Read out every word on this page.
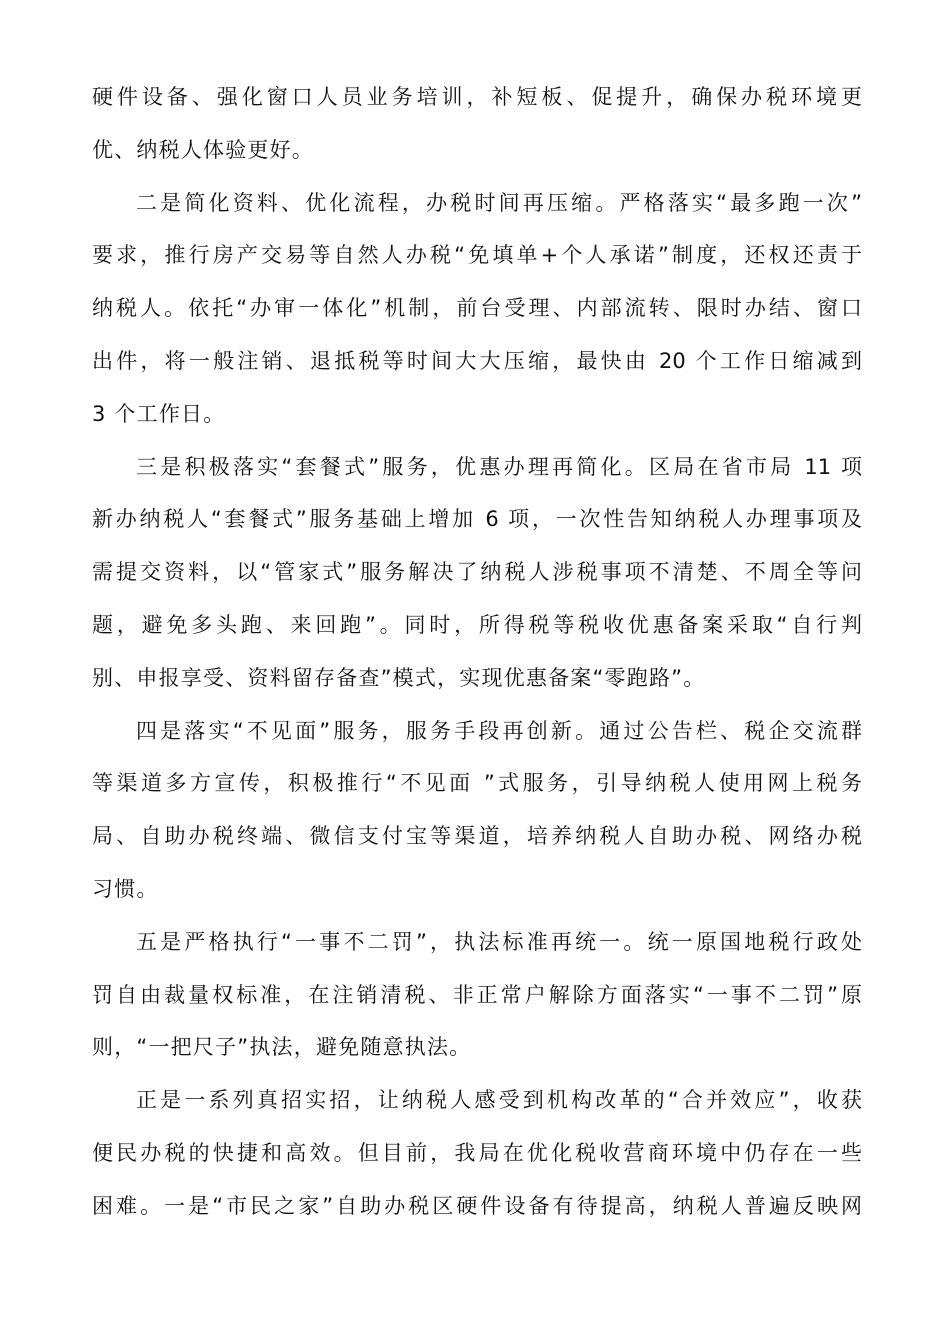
硬件设备、强化窗口人员业务培训，补短板、促提升，确保办税环境更
优、纳税人体验更好。
二是简化资料、优化流程，办税时间再压缩。严格落实“最多跑一次”
要求，推行房产交易等自然人办税“免填单+个人承诺”制度，还权还责于
纳税人。依托“办审一体化”机制，前台受理、内部流转、限时办结、窗口
出件，将一般注销、退抵税等时间大大压缩，最快由 20 个工作日缩减到
3 个工作日。
三是积极落实“套餐式”服务，优惠办理再简化。区局在省市局 11 项
新办纳税人“套餐式”服务基础上增加 6 项，一次性告知纳税人办理事项及
需提交资料，以“管家式”服务解决了纳税人涉税事项不清楚、不周全等问
题，避免多头跑、来回跑”。同时，所得税等税收优惠备案采取“自行判
别、申报享受、资料留存备查”模式，实现优惠备案“零跑路”。
四是落实“不见面”服务，服务手段再创新。通过公告栏、税企交流群
等渠道多方宣传，积极推行“不见面 ”式服务，引导纳税人使用网上税务
局、自助办税终端、微信支付宝等渠道，培养纳税人自助办税、网络办税
习惯。
五是严格执行“一事不二罚”，执法标准再统一。统一原国地税行政处
罚自由裁量权标准，在注销清税、非正常户解除方面落实“一事不二罚”原
则，“一把尺子”执法，避免随意执法。
正是一系列真招实招，让纳税人感受到机构改革的“合并效应”，收获
便民办税的快捷和高效。但目前，我局在优化税收营商环境中仍存在一些
困难。一是“市民之家”自助办税区硬件设备有待提高，纳税人普遍反映网
